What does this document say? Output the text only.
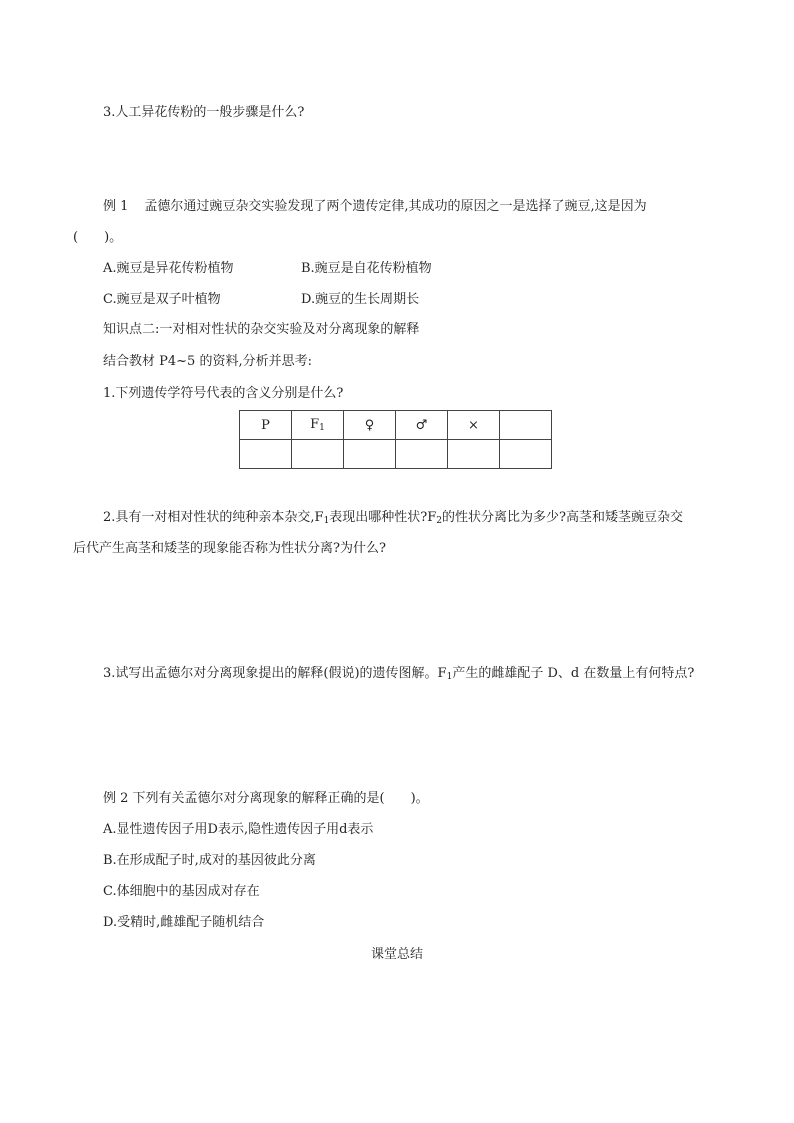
3.人工异花传粉的一般步骤是什么?
例 1 孟德尔通过豌豆杂交实验发现了两个遗传定律,其成功的原因之一是选择了豌豆,这是因为
(　　)。
A.豌豆是异花传粉植物	B.豌豆是自花传粉植物
C.豌豆是双子叶植物	D.豌豆的生长周期长
知识点二:一对相对性状的杂交实验及对分离现象的解释
结合教材 P4~5 的资料,分析并思考:
1.下列遗传学符号代表的含义分别是什么?
P	$F_1$	♀	♂	×	

2.具有一对相对性状的纯种亲本杂交$,F_1$表现出哪种性状$?F_2$的性状分离比为多少?高茎和矮茎豌豆杂交
后代产生高茎和矮茎的现象能否称为性状分离?为什么?
3.试写出孟德尔对分离现象提出的解释(假说)的遗传图解。$F_1$产生的雌雄配子 D、d 在数量上有何特点?
例 2 下列有关孟德尔对分离现象的解释正确的是(　　)。
A.显性遗传因子用D表示,隐性遗传因子用d表示
B.在形成配子时,成对的基因彼此分离
C.体细胞中的基因成对存在
D.受精时,雌雄配子随机结合
课堂总结
